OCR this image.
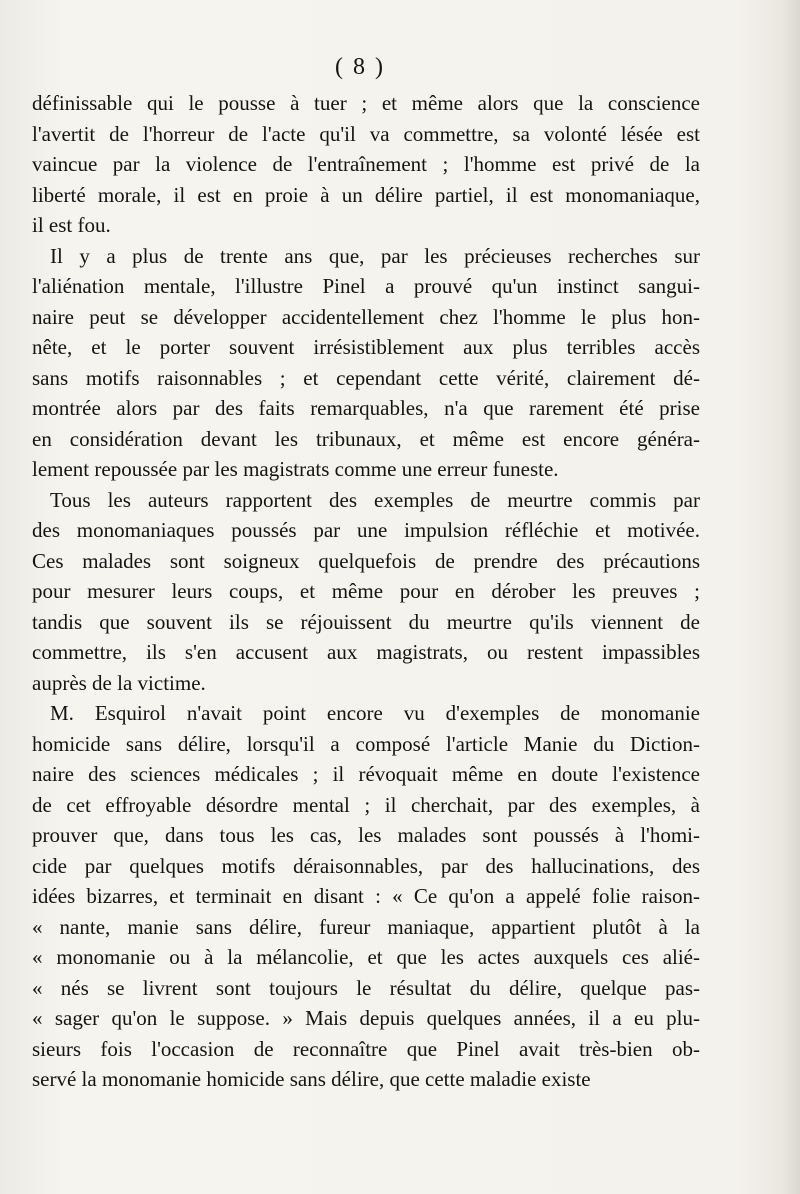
( 8 )
définissable qui le pousse à tuer ; et même alors que la conscience
l'avertit de l'horreur de l'acte qu'il va commettre, sa volonté lésée est
vaincue par la violence de l'entraînement ; l'homme est privé de la
liberté morale, il est en proie à un délire partiel, il est monomaniaque,
il est fou.
Il y a plus de trente ans que, par les précieuses recherches sur
l'aliénation mentale, l'illustre Pinel a prouvé qu'un instinct sangui-
naire peut se développer accidentellement chez l'homme le plus hon-
nête, et le porter souvent irrésistiblement aux plus terribles accès
sans motifs raisonnables ; et cependant cette vérité, clairement dé-
montrée alors par des faits remarquables, n'a que rarement été prise
en considération devant les tribunaux, et même est encore généra-
lement repoussée par les magistrats comme une erreur funeste.
Tous les auteurs rapportent des exemples de meurtre commis par
des monomaniaques poussés par une impulsion réfléchie et motivée.
Ces malades sont soigneux quelquefois de prendre des précautions
pour mesurer leurs coups, et même pour en dérober les preuves ;
tandis que souvent ils se réjouissent du meurtre qu'ils viennent de
commettre, ils s'en accusent aux magistrats, ou restent impassibles
auprès de la victime.
M. Esquirol n'avait point encore vu d'exemples de monomanie
homicide sans délire, lorsqu'il a composé l'article Manie du Diction-
naire des sciences médicales ; il révoquait même en doute l'existence
de cet effroyable désordre mental ; il cherchait, par des exemples, à
prouver que, dans tous les cas, les malades sont poussés à l'homi-
cide par quelques motifs déraisonnables, par des hallucinations, des
idées bizarres, et terminait en disant : « Ce qu'on a appelé folie raison-
« nante, manie sans délire, fureur maniaque, appartient plutôt à la
« monomanie ou à la mélancolie, et que les actes auxquels ces alié-
« nés se livrent sont toujours le résultat du délire, quelque pas-
« sager qu'on le suppose. » Mais depuis quelques années, il a eu plu-
sieurs fois l'occasion de reconnaître que Pinel avait très-bien ob-
servé la monomanie homicide sans délire, que cette maladie existe
